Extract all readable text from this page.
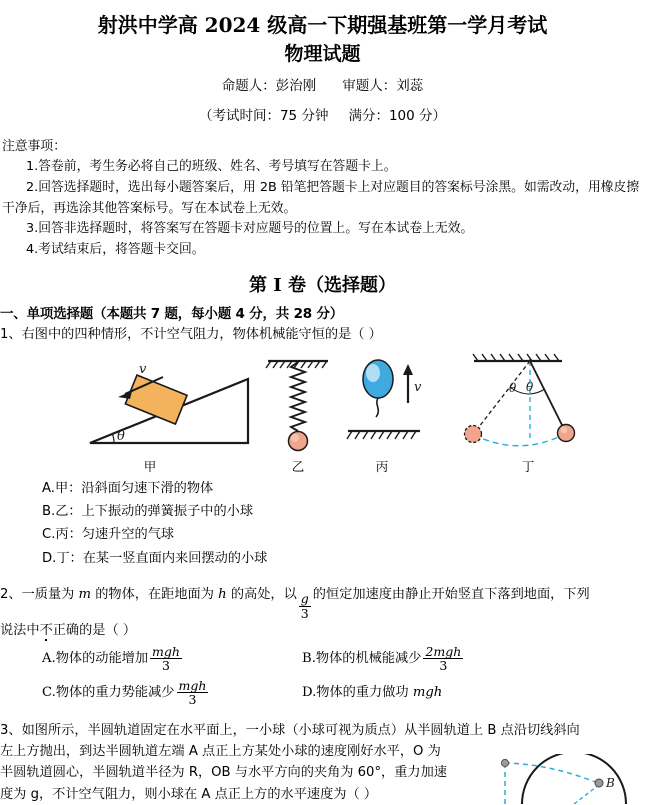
射洪中学高 2024 级高一下期强基班第一学月考试
物理试题
命题人：彭治刚 审题人：刘蕊
（考试时间：75 分钟 满分：100 分）

注意事项：

1.答卷前，考生务必将自己的班级、姓名、考号填写在答题卡上。

2.回答选择题时，选出每小题答案后，用 2B 铅笔把答题卡上对应题目的答案标号涂黑。如需改动，用橡皮擦干净后，再选涂其他答案标号。写在本试卷上无效。

3.回答非选择题时，将答案写在答题卡对应题号的位置上。写在本试卷上无效。

4.考试结束后，将答题卡交回。

第 I 卷（选择题）
一、单项选择题（本题共 7 题，每小题 4 分，共 28 分）

1、右图中的四种情形，不计空气阻力，物体机械能守恒的是（ ）

v
θ
甲	乙
v
丙
θ θ
丁
A.甲：沿斜面匀速下滑的物体
B.乙：上下振动的弹簧振子中的小球
C.丙：匀速升空的气球
D.丁：在某一竖直面内来回摆动的小球

2、一质量为 m 的物体，在距地面为 h 的高处，以 $\frac{g}{3}$ 的恒定加速度由静止开始竖直下落到地面，下列

说法中不正确的是（ ）

A. 物体的动能增加 $\frac{\text{mgh}}{3}$	B. 物体的机械能减少 $\frac{\text{2mgh}}{3}$
C. 物体的重力势能减少 $\frac{\text{mgh}}{3}$	D. 物体的重力做功
mgh

3、如图所示，半圆轨道固定在水平面上，一小球（小球可视为质点）从半圆轨道上 B 点沿切线斜向

左上方抛出，到达半圆轨道左端 A 点正上方某处小球的速度刚好水平，O 为

半圆轨道圆心，半圆轨道半径为 R，OB 与水平方向的夹角为 60°，重力加速

度为 g，不计空气阻力，则小球在 A 点正上方的水平速度为（ ）

B
